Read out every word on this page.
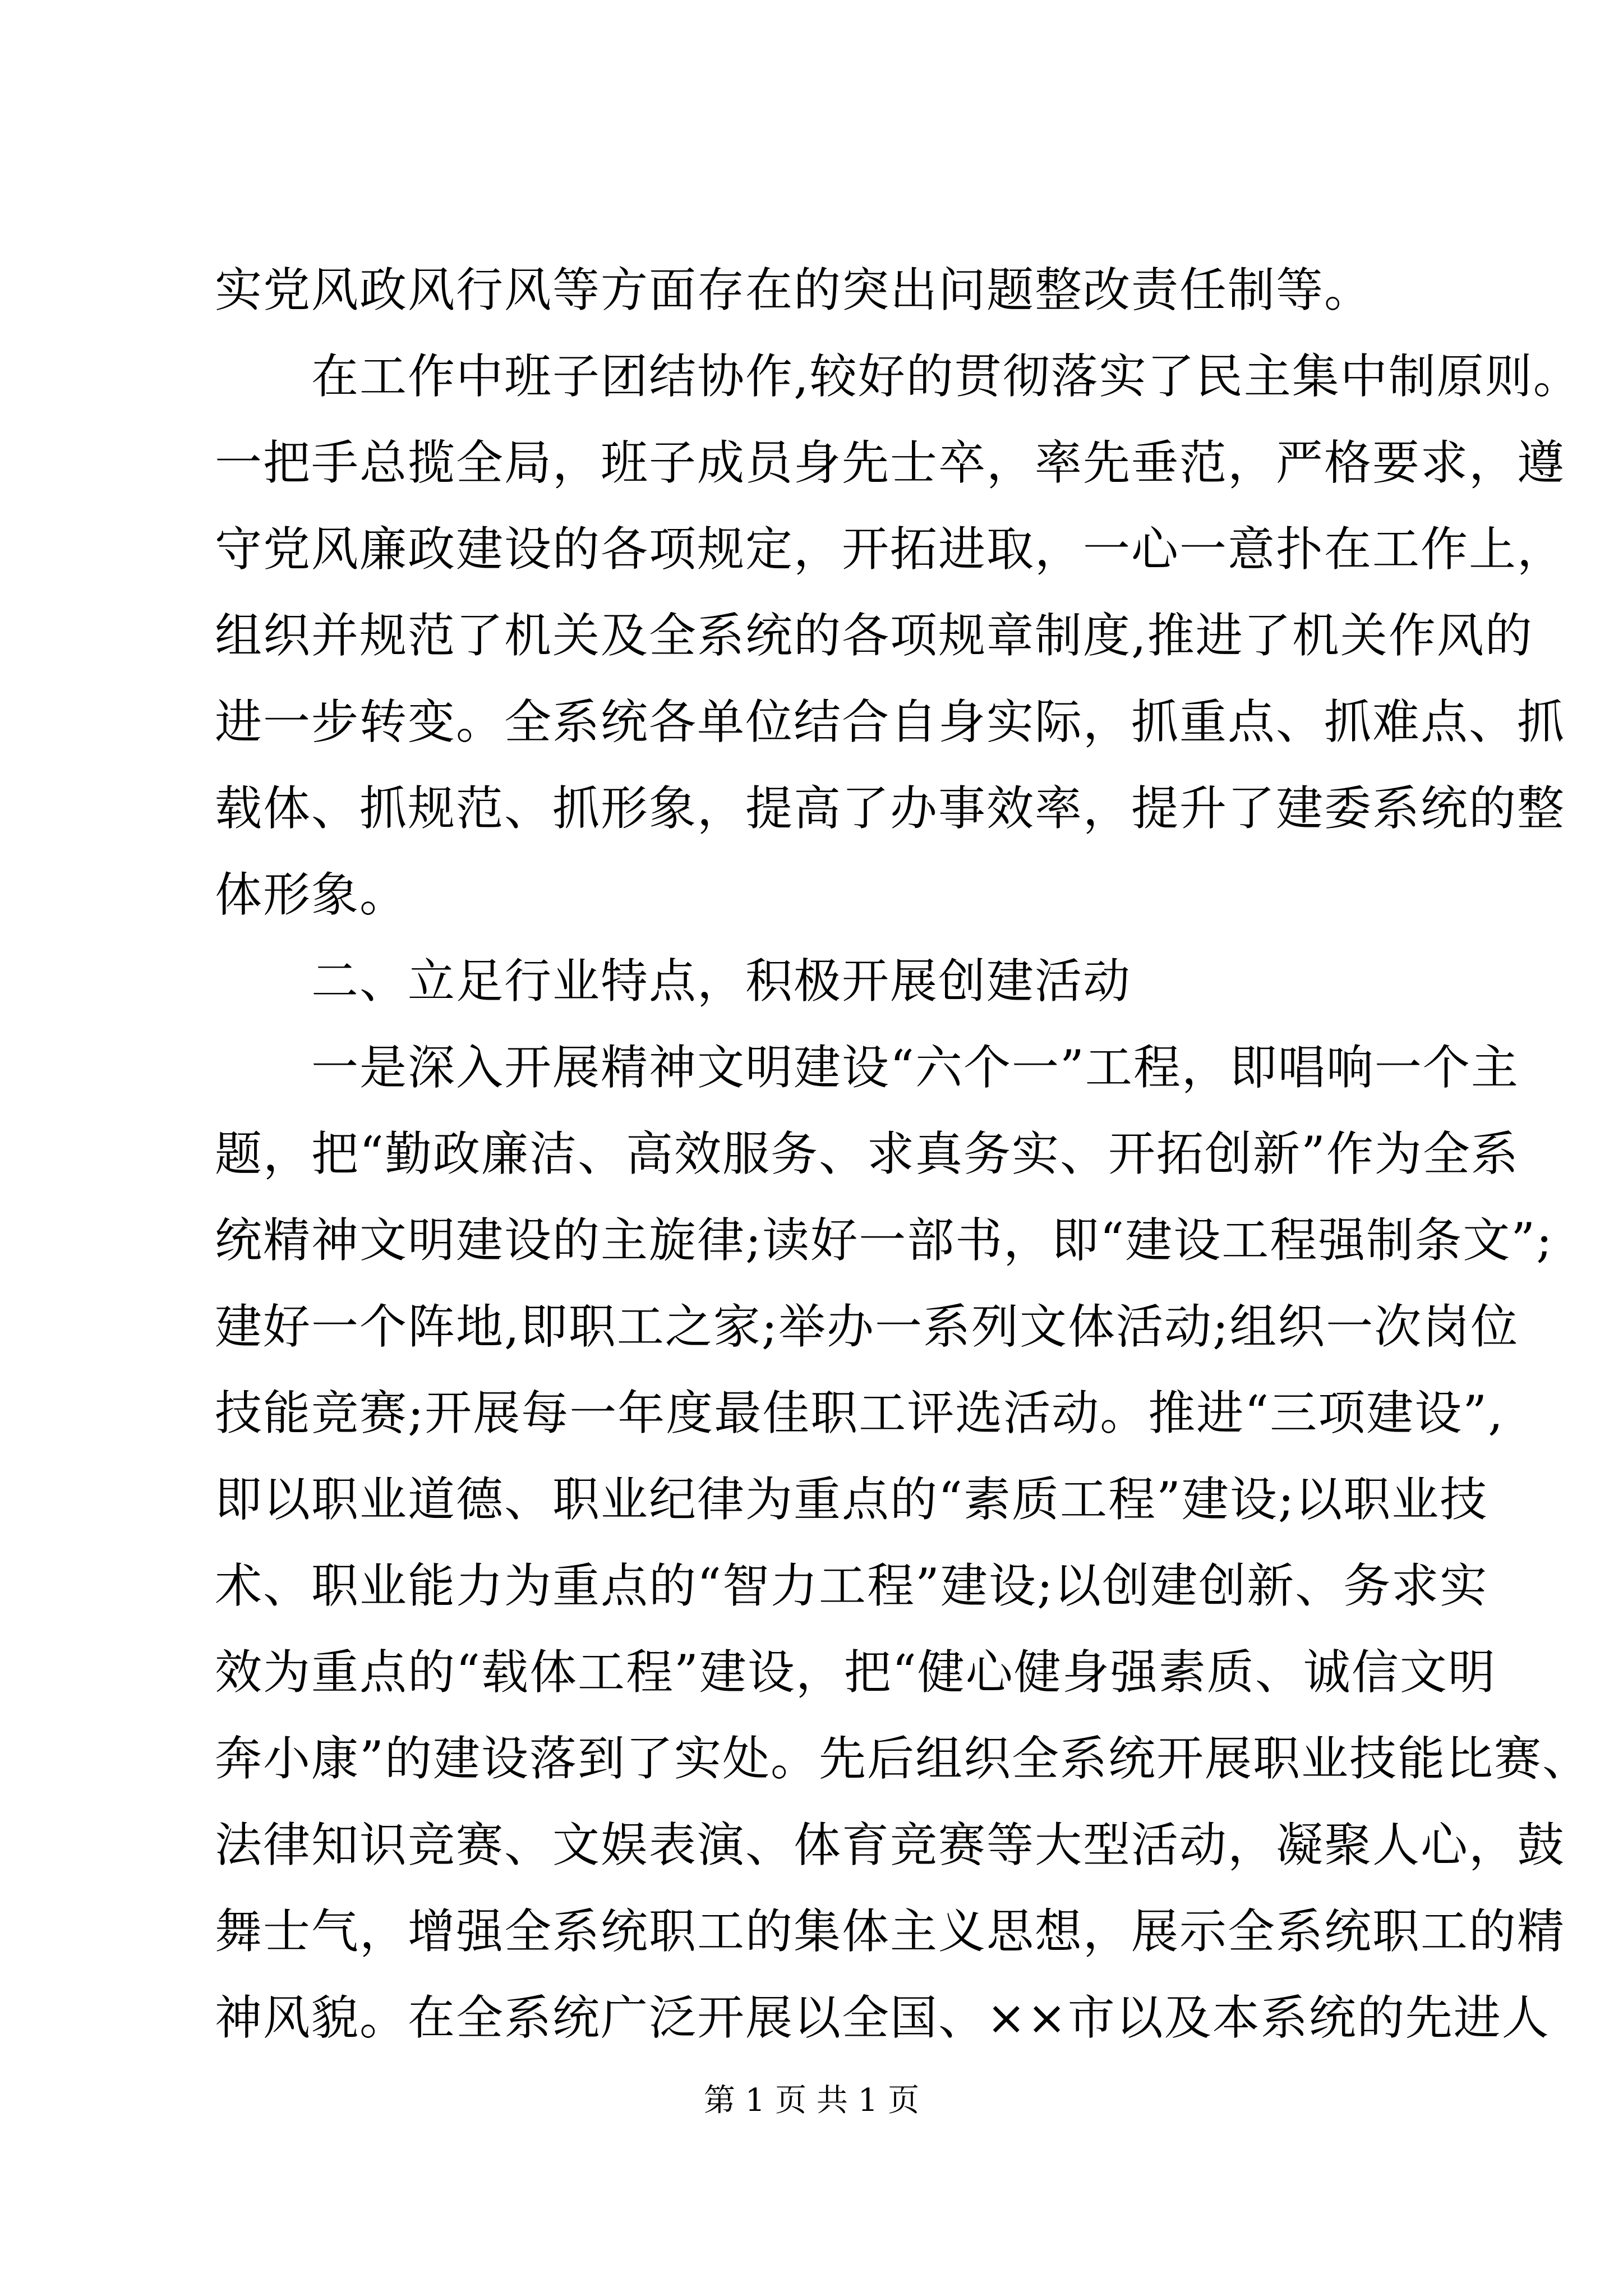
实党风政风行风等方面存在的突出问题整改责任制等。
　　在工作中班子团结协作,较好的贯彻落实了民主集中制原则。
一把手总揽全局，班子成员身先士卒，率先垂范，严格要求，遵
守党风廉政建设的各项规定，开拓进取，一心一意扑在工作上，
组织并规范了机关及全系统的各项规章制度,推进了机关作风的
进一步转变。全系统各单位结合自身实际，抓重点、抓难点、抓
载体、抓规范、抓形象，提高了办事效率，提升了建委系统的整
体形象。
　　二、立足行业特点，积极开展创建活动
　　一是深入开展精神文明建设“六个一”工程，即唱响一个主
题，把“勤政廉洁、高效服务、求真务实、开拓创新”作为全系
统精神文明建设的主旋律;读好一部书，即“建设工程强制条文”;
建好一个阵地,即职工之家;举办一系列文体活动;组织一次岗位
技能竞赛;开展每一年度最佳职工评选活动。推进“三项建设”,
即以职业道德、职业纪律为重点的“素质工程”建设;以职业技
术、职业能力为重点的“智力工程”建设;以创建创新、务求实
效为重点的“载体工程”建设，把“健心健身强素质、诚信文明
奔小康”的建设落到了实处。先后组织全系统开展职业技能比赛、
法律知识竞赛、文娱表演、体育竞赛等大型活动，凝聚人心，鼓
舞士气，增强全系统职工的集体主义思想，展示全系统职工的精
神风貌。在全系统广泛开展以全国、××市以及本系统的先进人
第 1 页 共 1 页
